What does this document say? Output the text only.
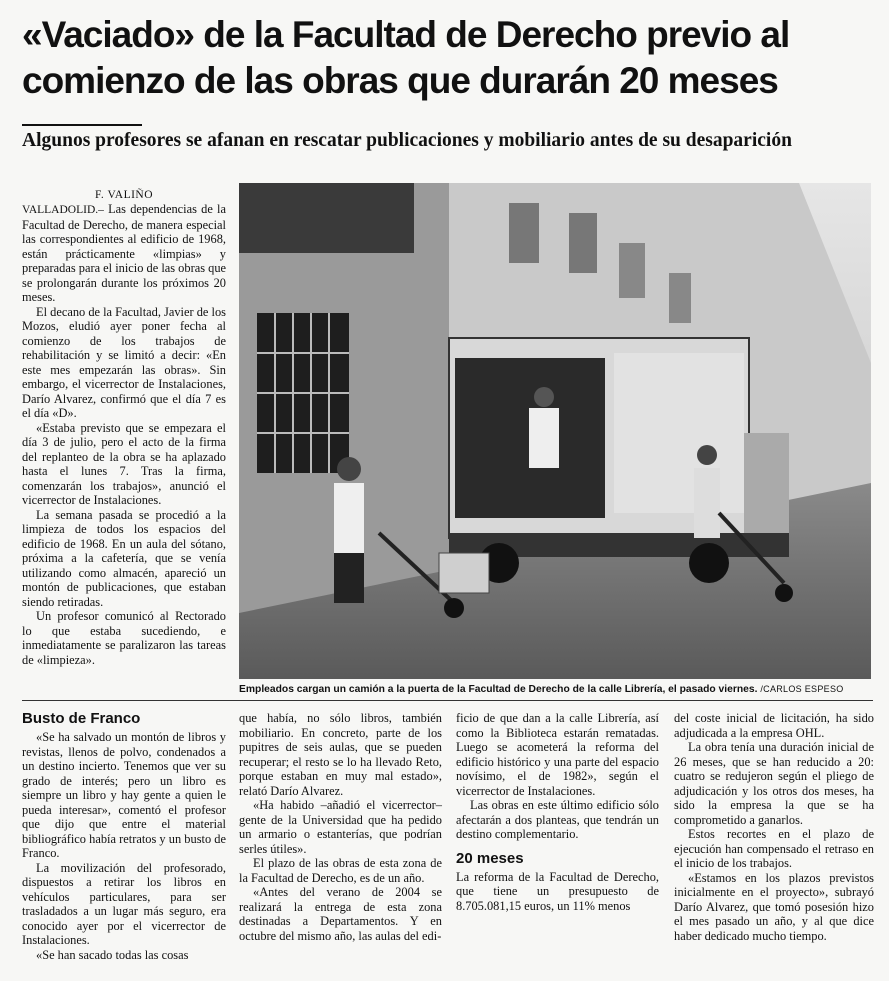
«Vaciado» de la Facultad de Derecho previo al comienzo de las obras que durarán 20 meses
Algunos profesores se afanan en rescatar publicaciones y mobiliario antes de su desaparición
F. VALIÑO

VALLADOLID.– Las dependencias de la Facultad de Derecho, de manera especial las correspondientes al edificio de 1968, están prácticamente «limpias» y preparadas para el inicio de las obras que se prolongarán durante los próximos 20 meses.

El decano de la Facultad, Javier de los Mozos, eludió ayer poner fecha al comienzo de los trabajos de rehabilitación y se limitó a decir: «En este mes empezarán las obras». Sin embargo, el vicerrector de Instalaciones, Darío Alvarez, confirmó que el día 7 es el día «D».

«Estaba previsto que se empezara el día 3 de julio, pero el acto de la firma del replanteo de la obra se ha aplazado hasta el lunes 7. Tras la firma, comenzarán los trabajos», anunció el vicerrector de Instalaciones.

La semana pasada se procedió a la limpieza de todos los espacios del edificio de 1968. En un aula del sótano, próxima a la cafetería, que se venía utilizando como almacén, apareció un montón de publicaciones, que estaban siendo retiradas.

Un profesor comunicó al Rectorado lo que estaba sucediendo, e inmediatamente se paralizaron las tareas de «limpieza».

Empleados cargan un camión a la puerta de la Facultad de Derecho de la calle Librería, el pasado viernes. /CARLOS ESPESO
Busto de Franco

«Se ha salvado un montón de libros y revistas, llenos de polvo, condenados a un destino incierto. Tenemos que ver su grado de interés; pero un libro es siempre un libro y hay gente a quien le pueda interesar», comentó el profesor que dijo que entre el material bibliográfico había retratos y un busto de Franco.

La movilización del profesorado, dispuestos a retirar los libros en vehículos particulares, para ser trasladados a un lugar más seguro, era conocido ayer por el vicerrector de Instalaciones.

«Se han sacado todas las cosas

que había, no sólo libros, también mobiliario. En concreto, parte de los pupitres de seis aulas, que se pueden recuperar; el resto se lo ha llevado Reto, porque estaban en muy mal estado», relató Darío Alvarez.

«Ha habido –añadió el vicerrector– gente de la Universidad que ha pedido un armario o estanterías, que podrían serles útiles».

El plazo de las obras de esta zona de la Facultad de Derecho, es de un año.

«Antes del verano de 2004 se realizará la entrega de esta zona destinadas a Departamentos. Y en octubre del mismo año, las aulas del edi-

ficio de que dan a la calle Librería, así como la Biblioteca estarán rematadas. Luego se acometerá la reforma del edificio histórico y una parte del espacio novísimo, el de 1982», según el vicerrector de Instalaciones.

Las obras en este último edificio sólo afectarán a dos planteas, que tendrán un destino complementario.

20 meses

La reforma de la Facultad de Derecho, que tiene un presupuesto de 8.705.081,15 euros, un 11% menos

del coste inicial de licitación, ha sido adjudicada a la empresa OHL.

La obra tenía una duración inicial de 26 meses, que se han reducido a 20: cuatro se redujeron según el pliego de adjudicación y los otros dos meses, ha sido la empresa la que se ha comprometido a ganarlos.

Estos recortes en el plazo de ejecución han compensado el retraso en el inicio de los trabajos.

«Estamos en los plazos previstos inicialmente en el proyecto», subrayó Darío Alvarez, que tomó posesión hizo el mes pasado un año, y al que dice haber dedicado mucho tiempo.
